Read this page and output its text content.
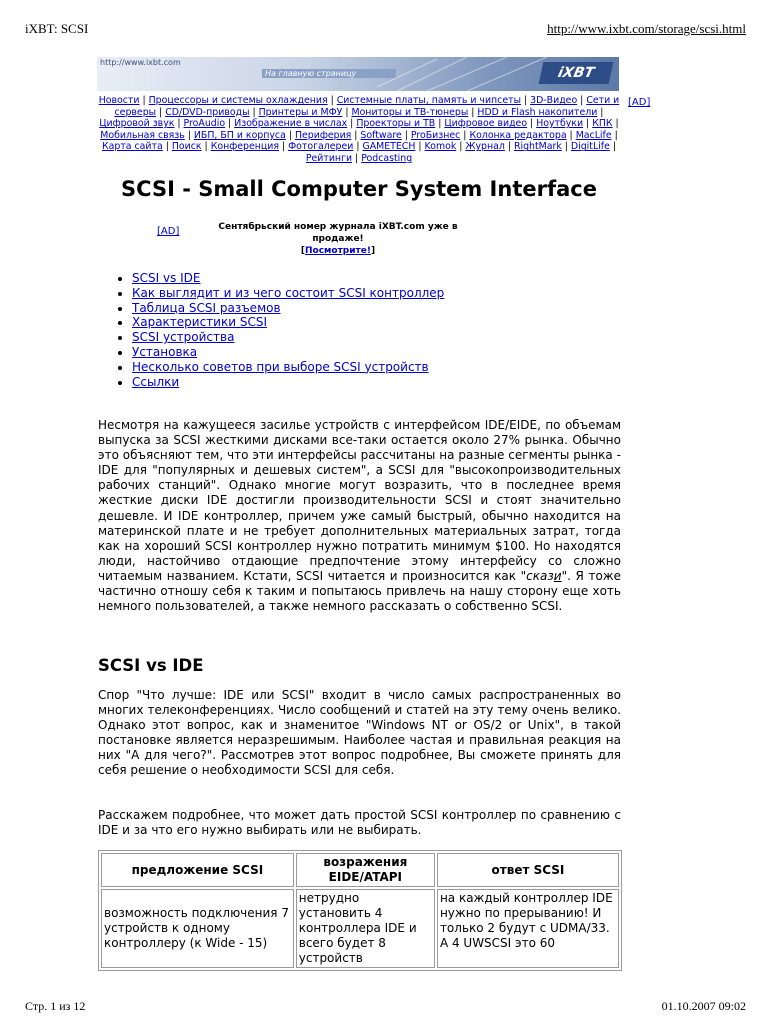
iXBT: SCSI	http://www.ixbt.com/storage/scsi.html
http://www.ixbt.com
На главную страницу	iXBT
Новости | Процессоры и системы охлаждения | Системные платы, память и чипсеты | 3D-Видео | Сети и серверы | CD/DVD-приводы | Принтеры и МФУ | Мониторы и ТВ-тюнеры | HDD и Flash накопители | Цифровой звук | ProAudio | Изображение в числах | Проекторы и ТВ | Цифровое видео | Ноутбуки | КПК | Мобильная связь | ИБП, БП и корпуса | Периферия | Software | ProБизнес | Колонка редактора | MacLife | Карта сайта | Поиск | Конференция | Фотогалереи | GAMETECH | Komok | Журнал | RightMark | DigitLife | Рейтинги | Podcasting
[AD]
SCSI - Small Computer System Interface
[AD]	Сентябрьский номер журнала iXBT.com уже в продаже!
[Посмотрите!]
• SCSI vs IDE
• Как выглядит и из чего состоит SCSI контроллер
• Таблица SCSI разъемов
• Характеристики SCSI
• SCSI устройства
• Установка
• Несколько советов при выборе SCSI устройств
• Ссылки

Несмотря на кажущееся засилье устройств с интерфейсом IDE/EIDE, по объемам выпуска за SCSI жесткими дисками все-таки остается около 27% рынка. Обычно это объясняют тем, что эти интерфейсы рассчитаны на разные сегменты рынка - IDE для "популярных и дешевых систем", а SCSI для "высокопроизводительных рабочих станций". Однако многие могут возразить, что в последнее время жесткие диски IDE достигли производительности SCSI и стоят значительно дешевле. И IDE контроллер, причем уже самый быстрый, обычно находится на материнской плате и не требует дополнительных материальных затрат, тогда как на хороший SCSI контроллер нужно потратить минимум $100. Но находятся люди, настойчиво отдающие предпочтение этому интерфейсу со сложно читаемым названием. Кстати, SCSI читается и произносится как "скази". Я тоже частично отношу себя к таким и попытаюсь привлечь на нашу сторону еще хоть немного пользователей, а также немного рассказать о собственно SCSI.

SCSI vs IDE

Спор "Что лучше: IDE или SCSI" входит в число самых распространенных во многих телеконференциях. Число сообщений и статей на эту тему очень велико. Однако этот вопрос, как и знаменитое "Windows NT or OS/2 or Unix", в такой постановке является неразрешимым. Наиболее частая и правильная реакция на них "А для чего?". Рассмотрев этот вопрос подробнее, Вы сможете принять для себя решение о необходимости SCSI для себя.

Расскажем подробнее, что может дать простой SCSI контроллер по сравнению с IDE и за что его нужно выбирать или не выбирать.

предложение SCSI	возражения EIDE/ATAPI	ответ SCSI
возможность подключения 7 устройств к одному контроллеру (к Wide - 15)	нетрудно установить 4 контроллера IDE и всего будет 8 устройств	на каждый контроллер IDE нужно по прерыванию! И только 2 будут с UDMA/33. А 4 UWSCSI это 60
Стр. 1 из 12	01.10.2007 09:02
